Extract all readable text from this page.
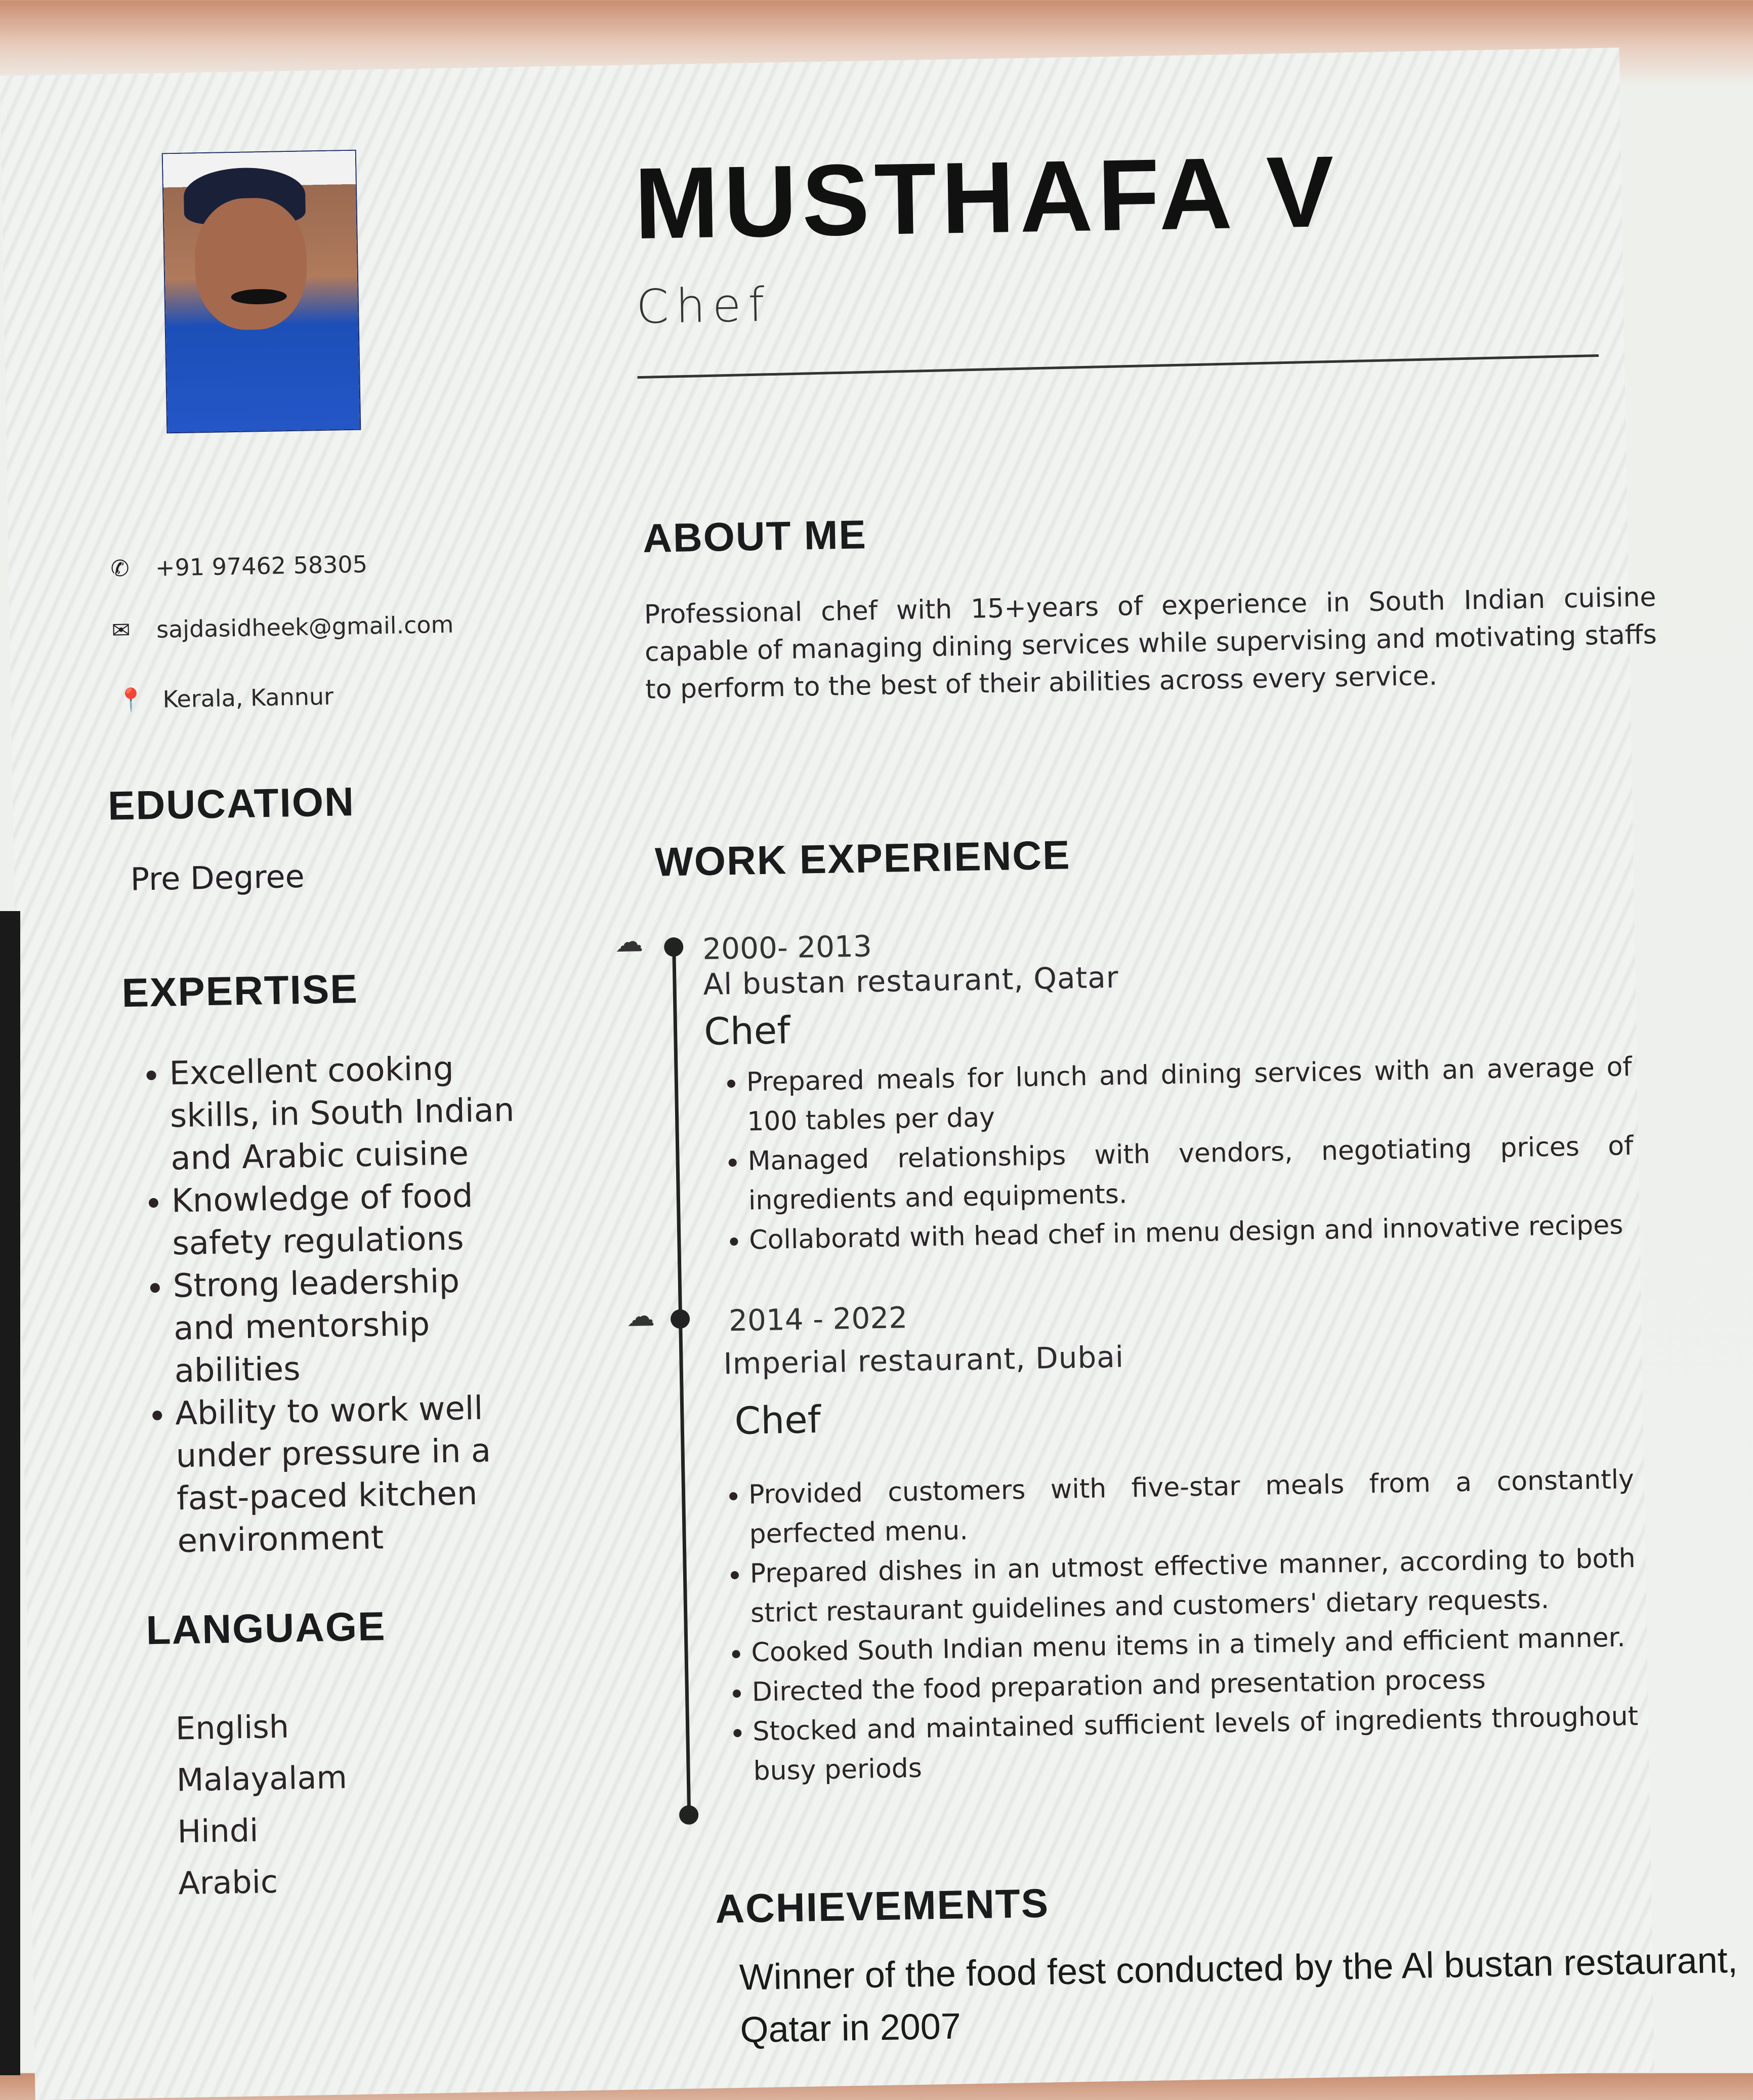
MUSTHAFA V
Chef
✆ +91 97462 58305
✉ sajdasidheek@gmail.com
📍 Kerala, Kannur
EDUCATION
Pre Degree
EXPERTISE
• Excellent cooking skills, in South Indian and Arabic cuisine
• Knowledge of food safety regulations
• Strong leadership and mentorship abilities
• Ability to work well under pressure in a fast-paced kitchen environment
LANGUAGE
English
Malayalam
Hindi
Arabic
ABOUT ME
Professional chef with 15+years of experience in South Indian cuisine capable of managing dining services while supervising and motivating staffs to perform to the best of their abilities across every service.
WORK EXPERIENCE
☁
☁
2000- 2013
Al bustan restaurant, Qatar
Chef
• Prepared meals for lunch and dining services with an average of 100 tables per day
• Managed relationships with vendors, negotiating prices of ingredients and equipments.
• Collaboratd with head chef in menu design and innovative recipes
2014 - 2022
Imperial restaurant, Dubai
Chef
• Provided customers with five-star meals from a constantly perfected menu.
• Prepared dishes in an utmost effective manner, according to both strict restaurant guidelines and customers' dietary requests.
• Cooked South Indian menu items in a timely and efficient manner.
• Directed the food preparation and presentation process
• Stocked and maintained sufficient levels of ingredients throughout busy periods
ACHIEVEMENTS
Winner of the food fest conducted by the Al bustan restaurant, Qatar in 2007
